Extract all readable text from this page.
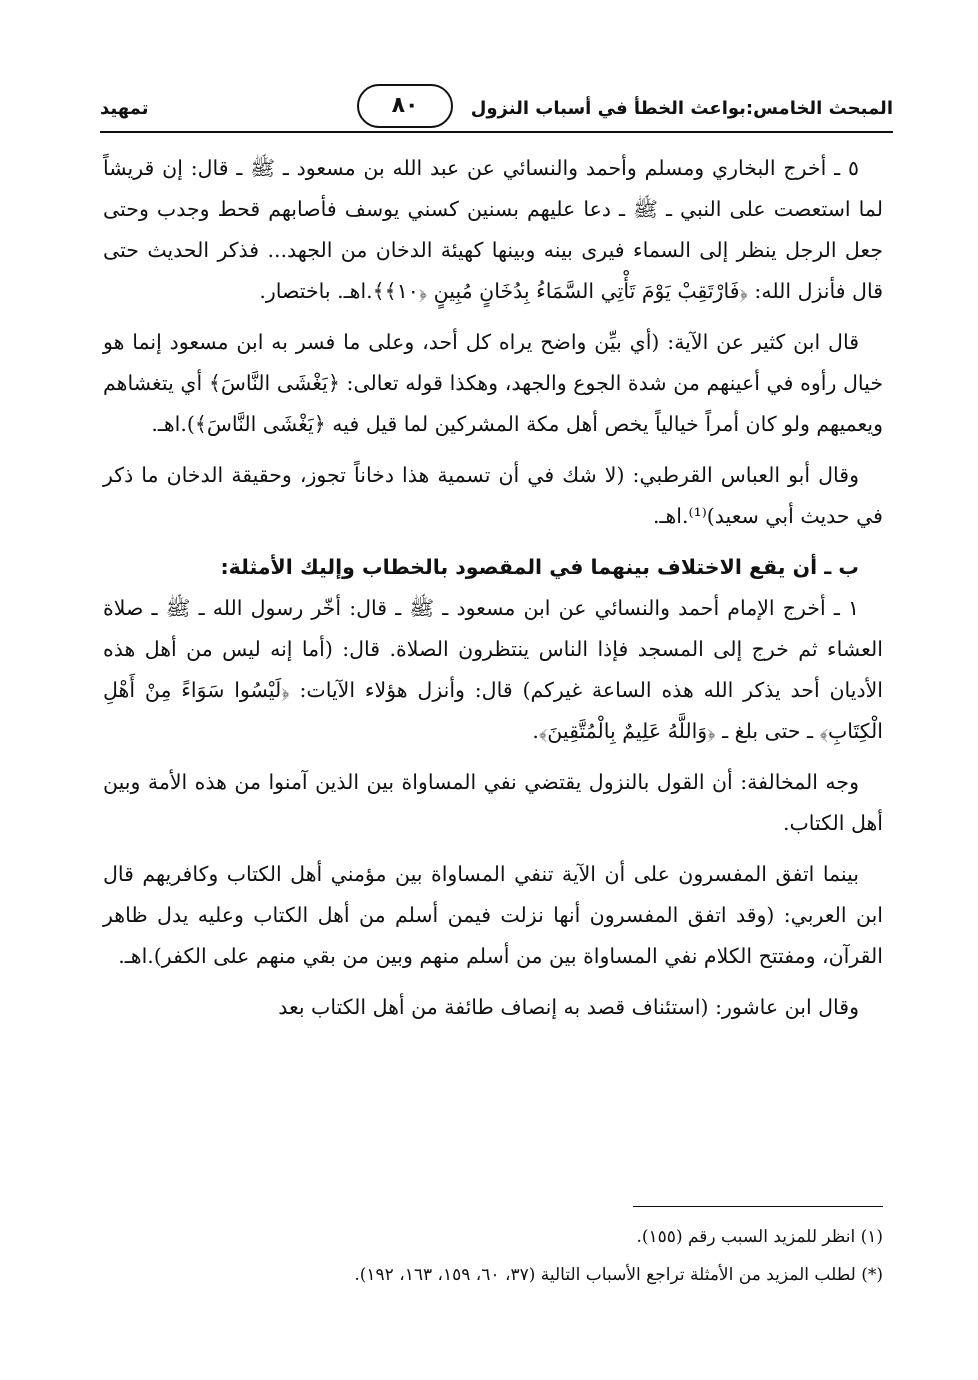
المبحث الخامس:بواعث الخطأ في أسباب النزول
٨٠
تمهيد

٥ ـ أخرج البخاري ومسلم وأحمد والنسائي عن عبد الله بن مسعود ـ ﷺ ـ قال: إن قريشاً لما استعصت على النبي ـ ﷺ ـ دعا عليهم بسنين كسني يوسف فأصابهم قحط وجدب وحتى جعل الرجل ينظر إلى السماء فيرى بينه وبينها كهيئة الدخان من الجهد... فذكر الحديث حتى قال فأنزل الله: ﴿فَارْتَقِبْ يَوْمَ تَأْتِي السَّمَاءُ بِدُخَانٍ مُبِينٍ ﴿١٠﴾﴾.اهـ. باختصار.

قال ابن كثير عن الآية: (أي بيِّن واضح يراه كل أحد، وعلى ما فسر به ابن مسعود إنما هو خيال رأوه في أعينهم من شدة الجوع والجهد، وهكذا قوله تعالى: ﴿يَغْشَى النَّاسَ﴾ أي يتغشاهم ويعميهم ولو كان أمراً خيالياً يخص أهل مكة المشركين لما قيل فيه ﴿يَغْشَى النَّاسَ﴾).اهـ.

وقال أبو العباس القرطبي: (لا شك في أن تسمية هذا دخاناً تجوز، وحقيقة الدخان ما ذكر في حديث أبي سعيد)⁽¹⁾.اهـ.

ب ـ أن يقع الاختلاف بينهما في المقصود بالخطاب وإليك الأمثلة:

١ ـ أخرج الإمام أحمد والنسائي عن ابن مسعود ـ ﷺ ـ قال: أخّر رسول الله ـ ﷺ ـ صلاة العشاء ثم خرج إلى المسجد فإذا الناس ينتظرون الصلاة. قال: (أما إنه ليس من أهل هذه الأديان أحد يذكر الله هذه الساعة غيركم) قال: وأنزل هؤلاء الآيات: ﴿لَيْسُوا سَوَاءً مِنْ أَهْلِ الْكِتَابِ﴾ ـ حتى بلغ ـ ﴿وَاللَّهُ عَلِيمٌ بِالْمُتَّقِينَ﴾.

وجه المخالفة: أن القول بالنزول يقتضي نفي المساواة بين الذين آمنوا من هذه الأمة وبين أهل الكتاب.

بينما اتفق المفسرون على أن الآية تنفي المساواة بين مؤمني أهل الكتاب وكافريهم قال ابن العربي: (وقد اتفق المفسرون أنها نزلت فيمن أسلم من أهل الكتاب وعليه يدل ظاهر القرآن، ومفتتح الكلام نفي المساواة بين من أسلم منهم وبين من بقي منهم على الكفر).اهـ.

وقال ابن عاشور: (استئناف قصد به إنصاف طائفة من أهل الكتاب بعد

(١) انظر للمزيد السبب رقم (١٥٥).
(*) لطلب المزيد من الأمثلة تراجع الأسباب التالية (٣٧، ٦٠، ١٥٩، ١٦٣، ١٩٢).
